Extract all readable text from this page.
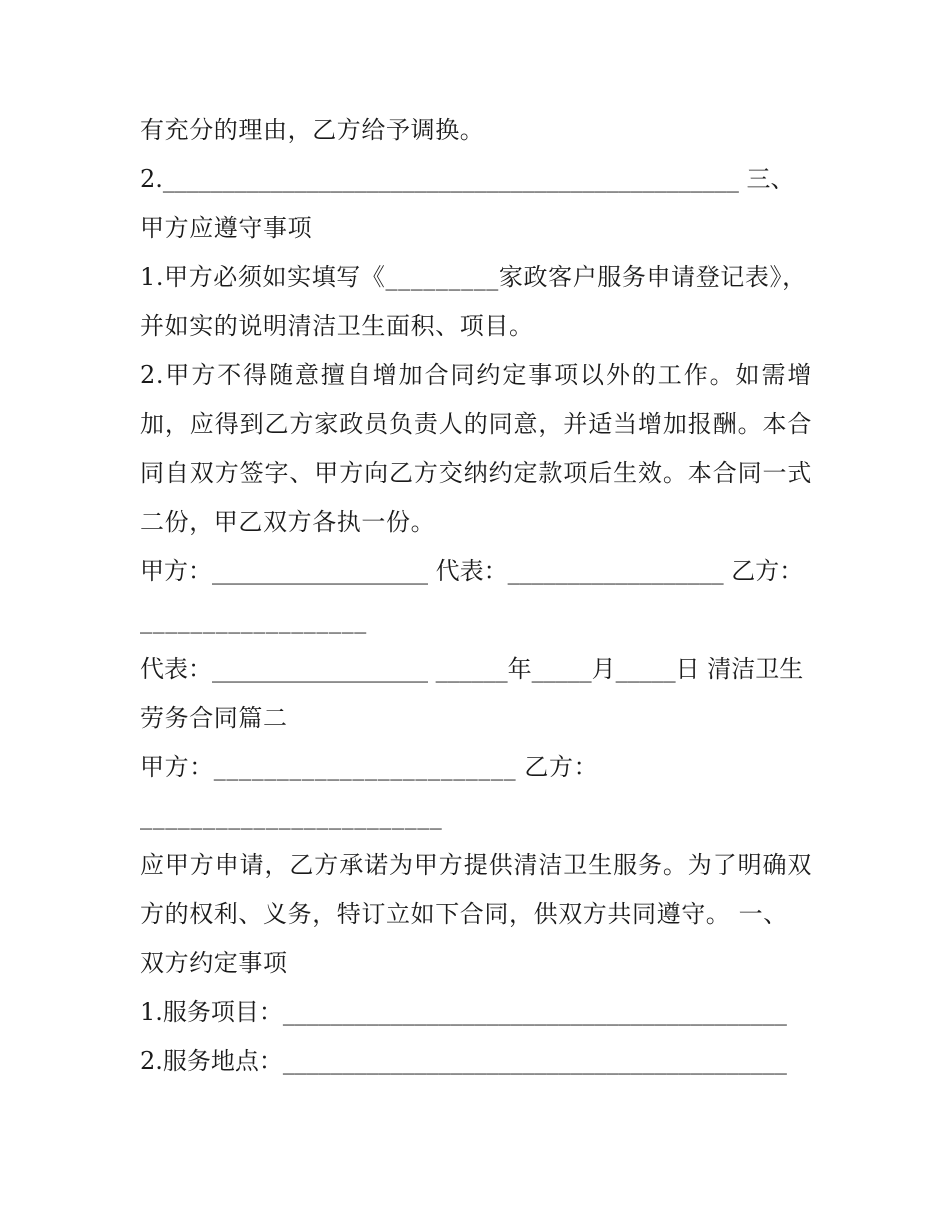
有充分的理由，乙方给予调换。
2.________________________________________________ 三、
甲方应遵守事项
1.甲方必须如实填写《_________家政客户服务申请登记表》，
并如实的说明清洁卫生面积、项目。
2.甲方不得随意擅自增加合同约定事项以外的工作。如需增
加，应得到乙方家政员负责人的同意，并适当增加报酬。本合
同自双方签字、甲方向乙方交纳约定款项后生效。本合同一式
二份，甲乙双方各执一份。
甲方：__________________ 代表：__________________ 乙方：
__________________
代表：__________________ ______年_____月_____日 清洁卫生
劳务合同篇二
甲方：________________________ 乙方：
________________________
应甲方申请，乙方承诺为甲方提供清洁卫生服务。为了明确双
方的权利、义务，特订立如下合同，供双方共同遵守。 一、
双方约定事项
1.服务项目：__________________________________________
2.服务地点：__________________________________________
